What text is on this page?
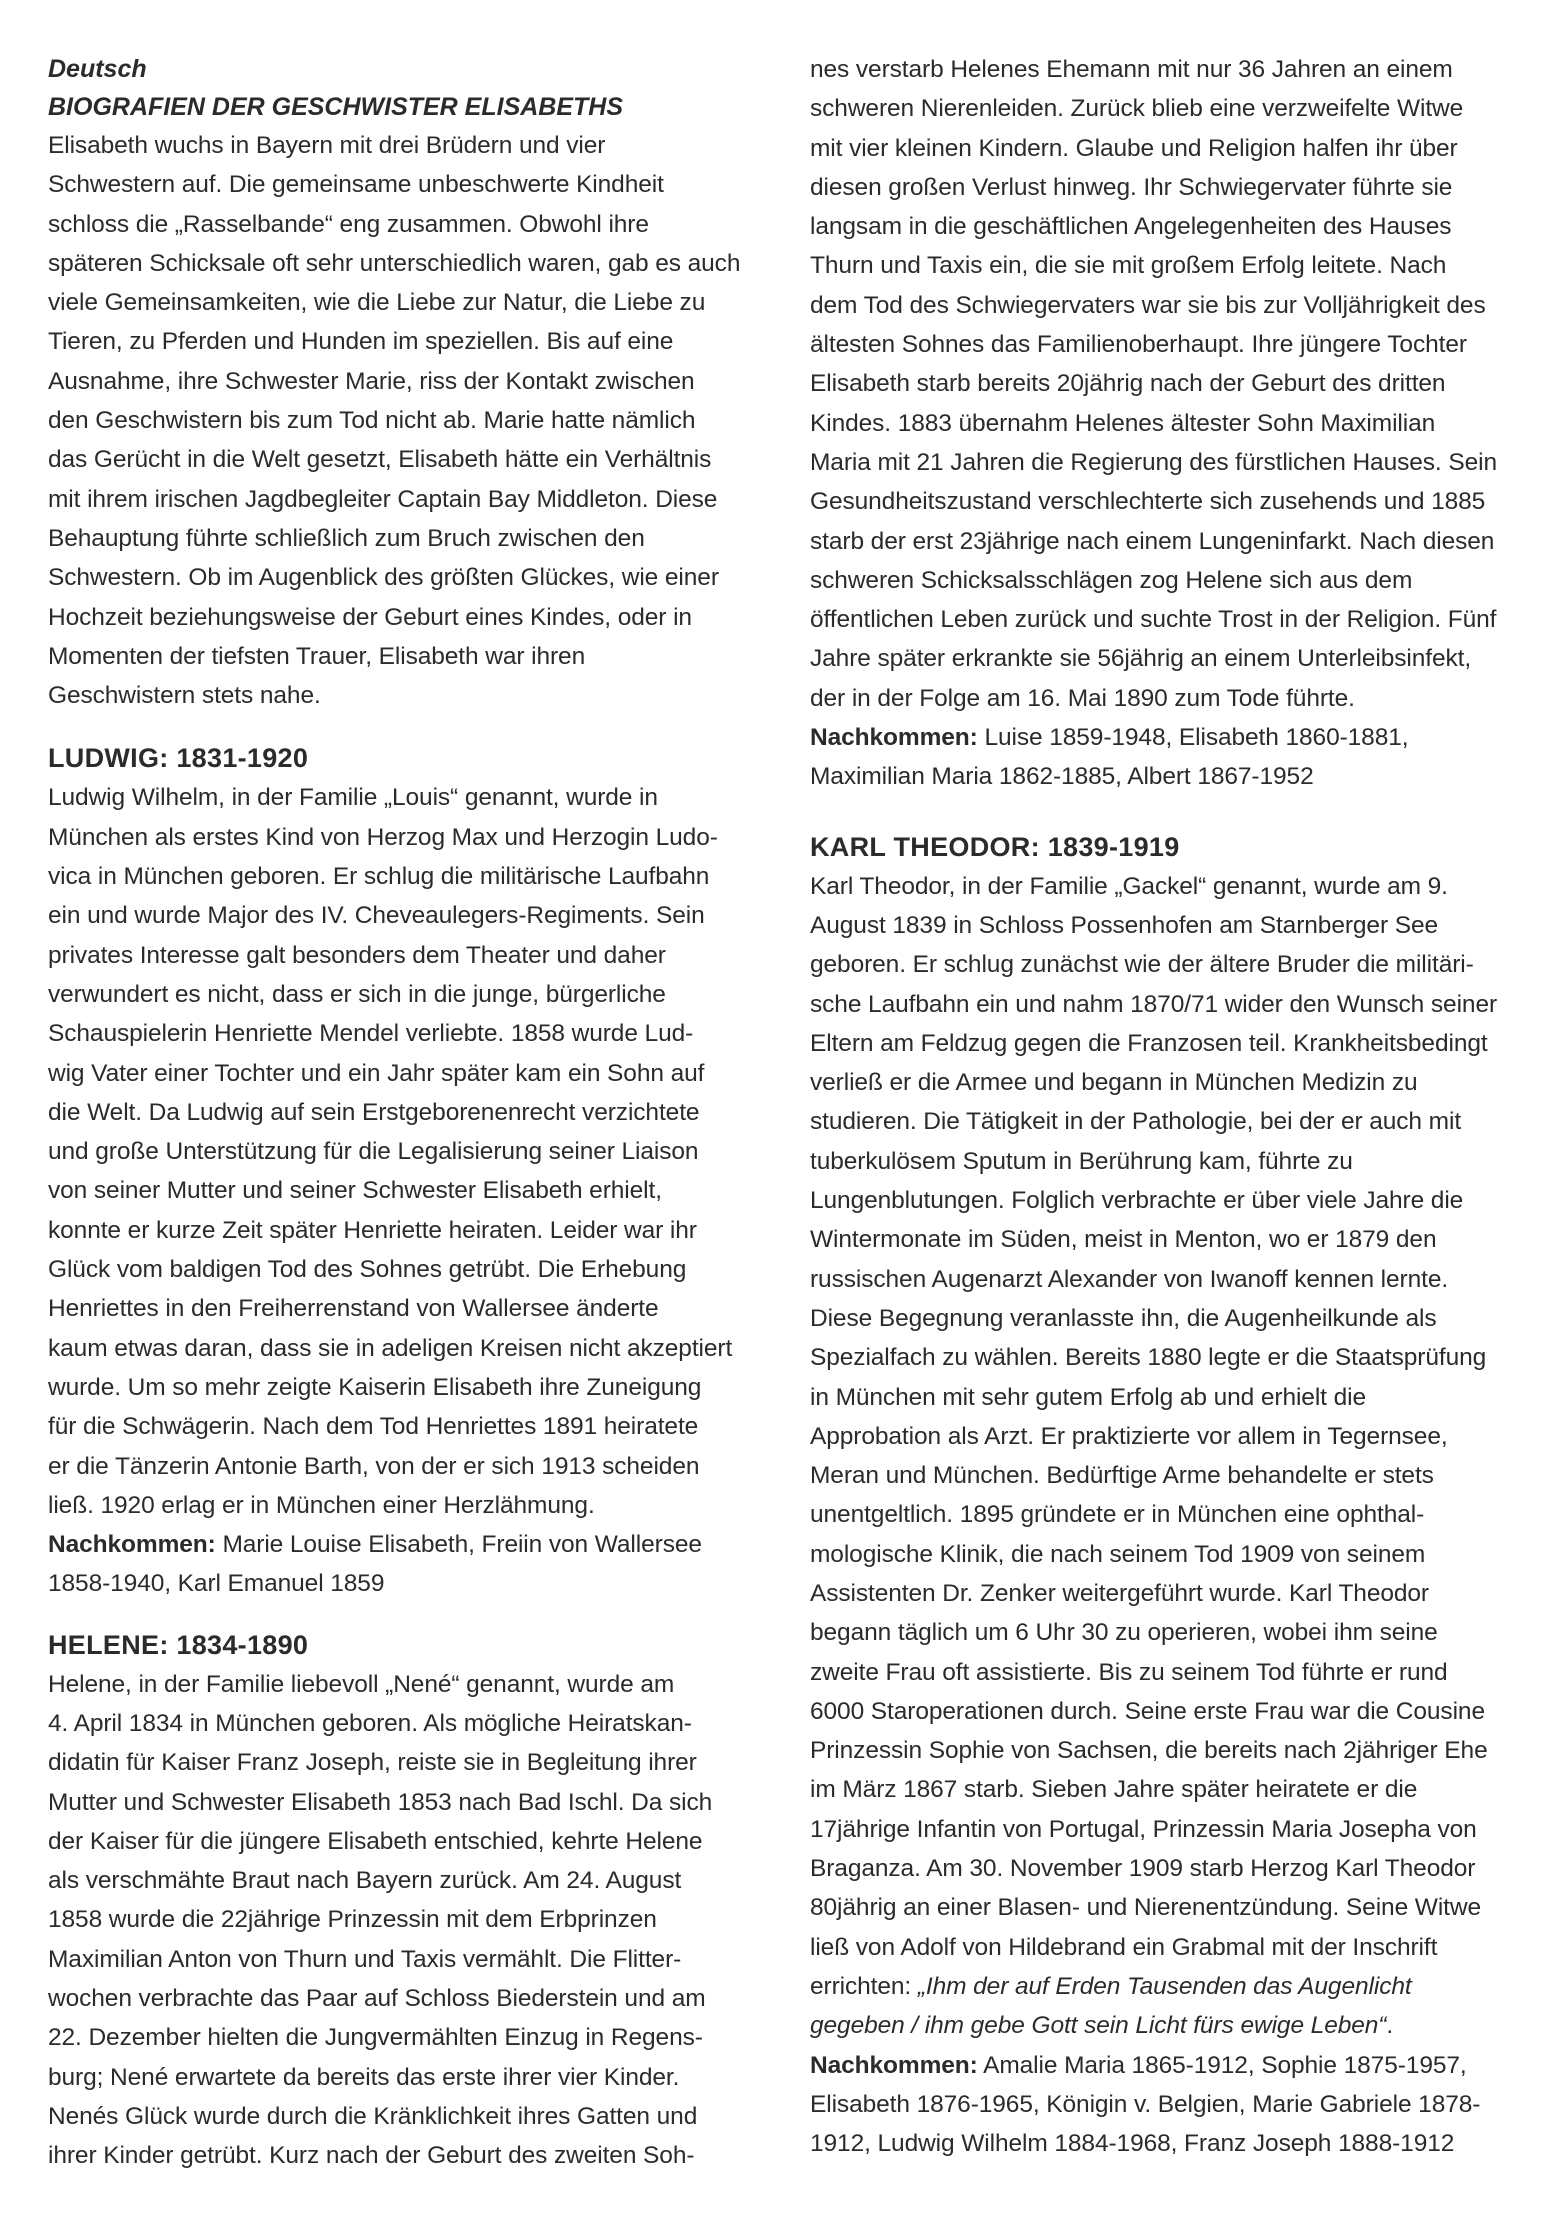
Deutsch
BIOGRAFIEN DER GESCHWISTER ELISABETHS
Elisabeth wuchs in Bayern mit drei Brüdern und vier
Schwestern auf. Die gemeinsame unbeschwerte Kindheit
schloss die „Rasselbande“ eng zusammen. Obwohl ihre
späteren Schicksale oft sehr unterschiedlich waren, gab es auch
viele Gemeinsamkeiten, wie die Liebe zur Natur, die Liebe zu
Tieren, zu Pferden und Hunden im speziellen. Bis auf eine
Ausnahme, ihre Schwester Marie, riss der Kontakt zwischen
den Geschwistern bis zum Tod nicht ab. Marie hatte nämlich
das Gerücht in die Welt gesetzt, Elisabeth hätte ein Verhältnis
mit ihrem irischen Jagdbegleiter Captain Bay Middleton. Diese
Behauptung führte schließlich zum Bruch zwischen den
Schwestern. Ob im Augenblick des größten Glückes, wie einer
Hochzeit beziehungsweise der Geburt eines Kindes, oder in
Momenten der tiefsten Trauer, Elisabeth war ihren
Geschwistern stets nahe.
LUDWIG: 1831-1920
Ludwig Wilhelm, in der Familie „Louis“ genannt, wurde in
München als erstes Kind von Herzog Max und Herzogin Ludo-
vica in München geboren. Er schlug die militärische Laufbahn
ein und wurde Major des IV. Cheveaulegers-Regiments. Sein
privates Interesse galt besonders dem Theater und daher
verwundert es nicht, dass er sich in die junge, bürgerliche
Schauspielerin Henriette Mendel verliebte. 1858 wurde Lud-
wig Vater einer Tochter und ein Jahr später kam ein Sohn auf
die Welt. Da Ludwig auf sein Erstgeborenenrecht verzichtete
und große Unterstützung für die Legalisierung seiner Liaison
von seiner Mutter und seiner Schwester Elisabeth erhielt,
konnte er kurze Zeit später Henriette heiraten. Leider war ihr
Glück vom baldigen Tod des Sohnes getrübt. Die Erhebung
Henriettes in den Freiherrenstand von Wallersee änderte
kaum etwas daran, dass sie in adeligen Kreisen nicht akzeptiert
wurde. Um so mehr zeigte Kaiserin Elisabeth ihre Zuneigung
für die Schwägerin. Nach dem Tod Henriettes 1891 heiratete
er die Tänzerin Antonie Barth, von der er sich 1913 scheiden
ließ. 1920 erlag er in München einer Herzlähmung.
Nachkommen: Marie Louise Elisabeth, Freiin von Wallersee
1858-1940, Karl Emanuel 1859
HELENE: 1834-1890
Helene, in der Familie liebevoll „Nené“ genannt, wurde am
4. April 1834 in München geboren. Als mögliche Heiratskan-
didatin für Kaiser Franz Joseph, reiste sie in Begleitung ihrer
Mutter und Schwester Elisabeth 1853 nach Bad Ischl. Da sich
der Kaiser für die jüngere Elisabeth entschied, kehrte Helene
als verschmähte Braut nach Bayern zurück. Am 24. August
1858 wurde die 22jährige Prinzessin mit dem Erbprinzen
Maximilian Anton von Thurn und Taxis vermählt. Die Flitter-
wochen verbrachte das Paar auf Schloss Biederstein und am
22. Dezember hielten die Jungvermählten Einzug in Regens-
burg; Nené erwartete da bereits das erste ihrer vier Kinder.
Nenés Glück wurde durch die Kränklichkeit ihres Gatten und
ihrer Kinder getrübt. Kurz nach der Geburt des zweiten Soh-
nes verstarb Helenes Ehemann mit nur 36 Jahren an einem
schweren Nierenleiden. Zurück blieb eine verzweifelte Witwe
mit vier kleinen Kindern. Glaube und Religion halfen ihr über
diesen großen Verlust hinweg. Ihr Schwiegervater führte sie
langsam in die geschäftlichen Angelegenheiten des Hauses
Thurn und Taxis ein, die sie mit großem Erfolg leitete. Nach
dem Tod des Schwiegervaters war sie bis zur Volljährigkeit des
ältesten Sohnes das Familienoberhaupt. Ihre jüngere Tochter
Elisabeth starb bereits 20jährig nach der Geburt des dritten
Kindes. 1883 übernahm Helenes ältester Sohn Maximilian
Maria mit 21 Jahren die Regierung des fürstlichen Hauses. Sein
Gesundheitszustand verschlechterte sich zusehends und 1885
starb der erst 23jährige nach einem Lungeninfarkt. Nach diesen
schweren Schicksalsschlägen zog Helene sich aus dem
öffentlichen Leben zurück und suchte Trost in der Religion. Fünf
Jahre später erkrankte sie 56jährig an einem Unterleibsinfekt,
der in der Folge am 16. Mai 1890 zum Tode führte.
Nachkommen: Luise 1859-1948, Elisabeth 1860-1881,
Maximilian Maria 1862-1885, Albert 1867-1952
KARL THEODOR: 1839-1919
Karl Theodor, in der Familie „Gackel“ genannt, wurde am 9.
August 1839 in Schloss Possenhofen am Starnberger See
geboren. Er schlug zunächst wie der ältere Bruder die militäri-
sche Laufbahn ein und nahm 1870/71 wider den Wunsch seiner
Eltern am Feldzug gegen die Franzosen teil. Krankheitsbedingt
verließ er die Armee und begann in München Medizin zu
studieren. Die Tätigkeit in der Pathologie, bei der er auch mit
tuberkulösem Sputum in Berührung kam, führte zu
Lungenblutungen. Folglich verbrachte er über viele Jahre die
Wintermonate im Süden, meist in Menton, wo er 1879 den
russischen Augenarzt Alexander von Iwanoff kennen lernte.
Diese Begegnung veranlasste ihn, die Augenheilkunde als
Spezialfach zu wählen. Bereits 1880 legte er die Staatsprüfung
in München mit sehr gutem Erfolg ab und erhielt die
Approbation als Arzt. Er praktizierte vor allem in Tegernsee,
Meran und München. Bedürftige Arme behandelte er stets
unentgeltlich. 1895 gründete er in München eine ophthal-
mologische Klinik, die nach seinem Tod 1909 von seinem
Assistenten Dr. Zenker weitergeführt wurde. Karl Theodor
begann täglich um 6 Uhr 30 zu operieren, wobei ihm seine
zweite Frau oft assistierte. Bis zu seinem Tod führte er rund
6000 Staroperationen durch. Seine erste Frau war die Cousine
Prinzessin Sophie von Sachsen, die bereits nach 2jähriger Ehe
im März 1867 starb. Sieben Jahre später heiratete er die
17jährige Infantin von Portugal, Prinzessin Maria Josepha von
Braganza. Am 30. November 1909 starb Herzog Karl Theodor
80jährig an einer Blasen- und Nierenentzündung. Seine Witwe
ließ von Adolf von Hildebrand ein Grabmal mit der Inschrift
errichten: „Ihm der auf Erden Tausenden das Augenlicht
gegeben / ihm gebe Gott sein Licht fürs ewige Leben“.
Nachkommen: Amalie Maria 1865-1912, Sophie 1875-1957,
Elisabeth 1876-1965, Königin v. Belgien, Marie Gabriele 1878-
1912, Ludwig Wilhelm 1884-1968, Franz Joseph 1888-1912
